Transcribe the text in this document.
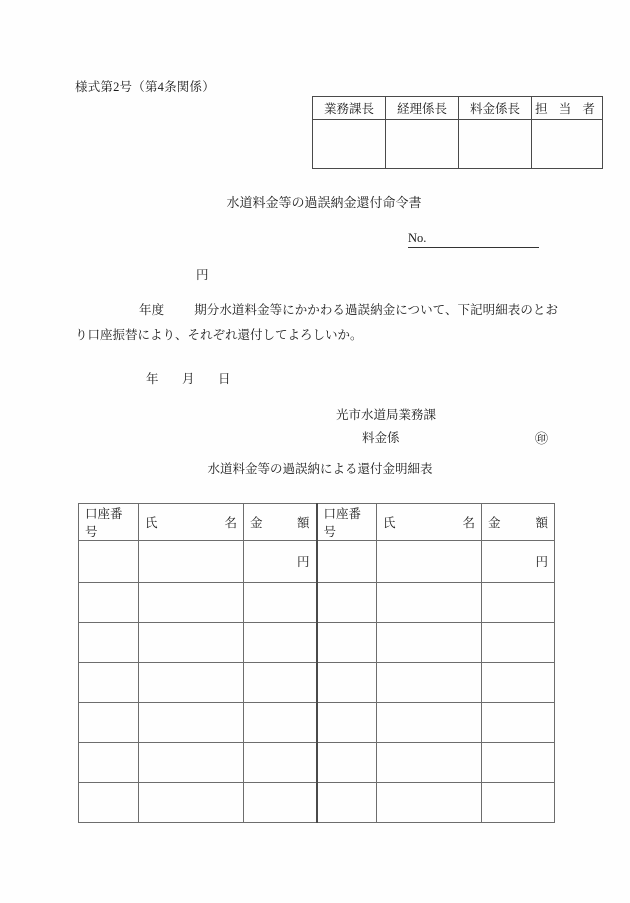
様式第2号（第4条関係）
業務課長	経理係長	料金係長	担 当 者

水道料金等の過誤納金還付命令書
No.
円
年度 期分水道料金等にかかわる過誤納金について、下記明細表のとおり口座振替により、それぞれ還付してよろしいか。
年 月 日
光市水道局業務課
料金係	㊞
水道料金等の過誤納による還付金明細表
口座番号	氏 名	金 額	口座番号	氏 名	金 額

		円			円
